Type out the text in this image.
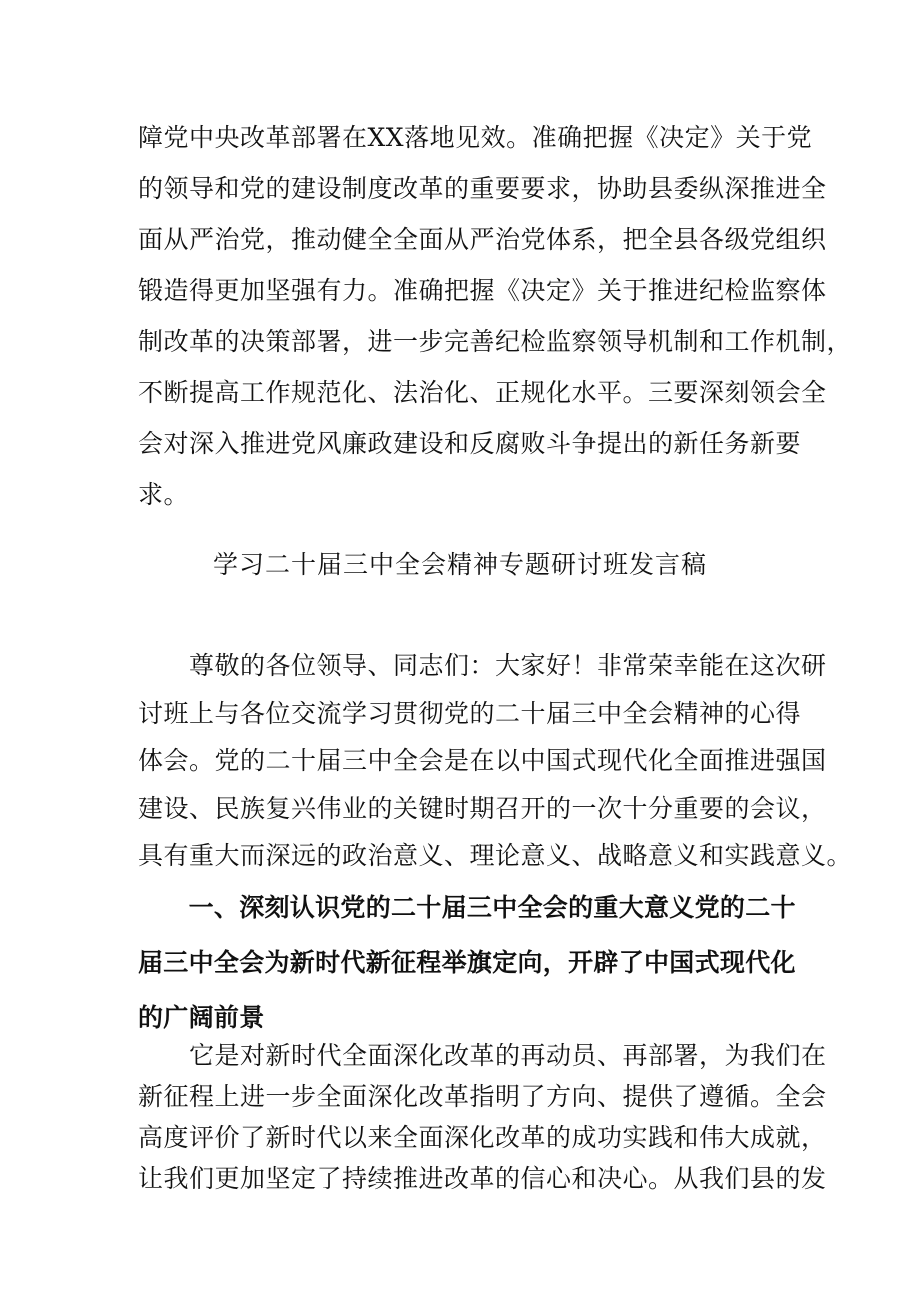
障党中央改革部署在XX落地见效。准确把握《决定》关于党
的领导和党的建设制度改革的重要要求，协助县委纵深推进全
面从严治党，推动健全全面从严治党体系，把全县各级党组织
锻造得更加坚强有力。准确把握《决定》关于推进纪检监察体
制改革的决策部署，进一步完善纪检监察领导机制和工作机制，
不断提高工作规范化、法治化、正规化水平。三要深刻领会全
会对深入推进党风廉政建设和反腐败斗争提出的新任务新要
求。
学习二十届三中全会精神专题研讨班发言稿
　　尊敬的各位领导、同志们：大家好！非常荣幸能在这次研
讨班上与各位交流学习贯彻党的二十届三中全会精神的心得
体会。党的二十届三中全会是在以中国式现代化全面推进强国
建设、民族复兴伟业的关键时期召开的一次十分重要的会议，
具有重大而深远的政治意义、理论意义、战略意义和实践意义。
　　一、深刻认识党的二十届三中全会的重大意义党的二十
届三中全会为新时代新征程举旗定向，开辟了中国式现代化
的广阔前景
　　它是对新时代全面深化改革的再动员、再部署，为我们在
新征程上进一步全面深化改革指明了方向、提供了遵循。全会
高度评价了新时代以来全面深化改革的成功实践和伟大成就，
让我们更加坚定了持续推进改革的信心和决心。从我们县的发
